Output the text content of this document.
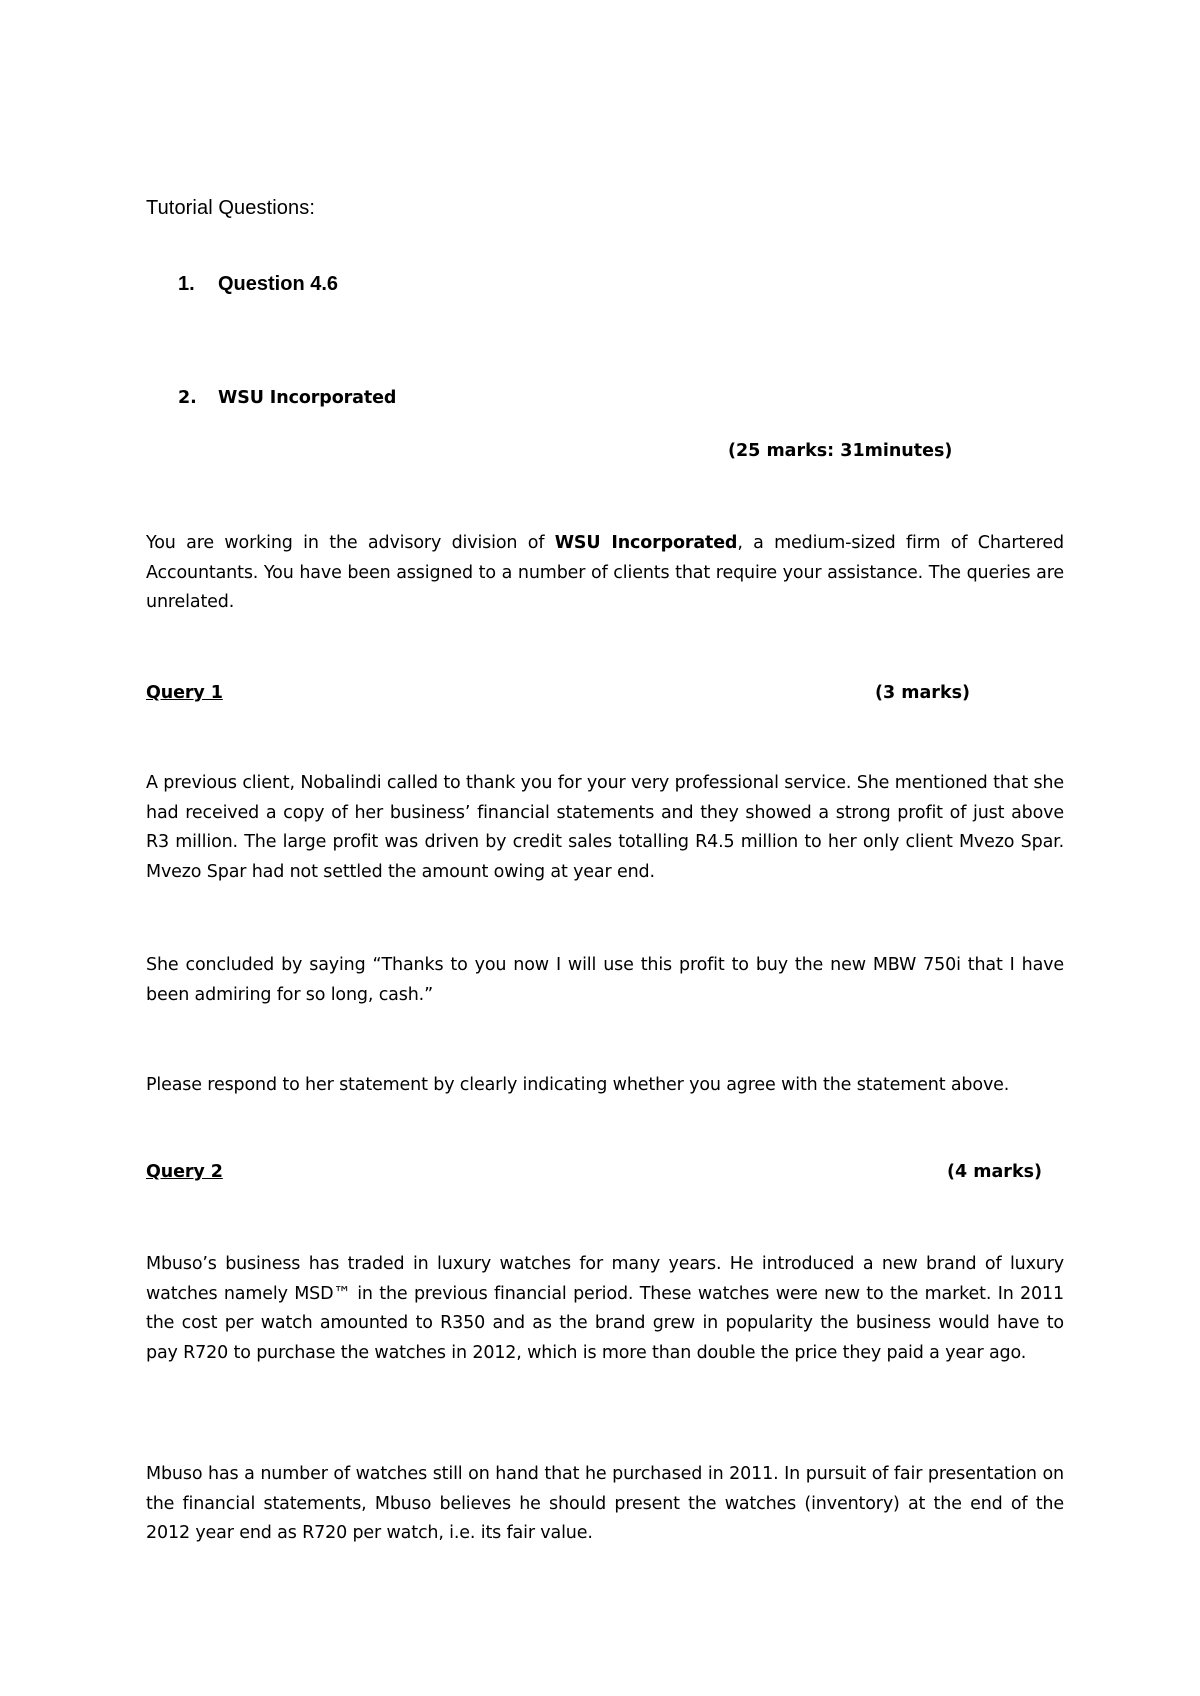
Tutorial Questions:
1. Question 4.6
2. WSU Incorporated
(25 marks: 31minutes)
You are working in the advisory division of WSU Incorporated, a medium-sized firm of Chartered Accountants. You have been assigned to a number of clients that require your assistance. The queries are unrelated.
Query 1	(3 marks)
A previous client, Nobalindi called to thank you for your very professional service. She mentioned that she had received a copy of her business’ financial statements and they showed a strong profit of just above R3 million. The large profit was driven by credit sales totalling R4.5 million to her only client Mvezo Spar. Mvezo Spar had not settled the amount owing at year end.
She concluded by saying “Thanks to you now I will use this profit to buy the new MBW 750i that I have been admiring for so long, cash.”
Please respond to her statement by clearly indicating whether you agree with the statement above.
Query 2	(4 marks)
Mbuso’s business has traded in luxury watches for many years. He introduced a new brand of luxury watches namely MSD™ in the previous financial period. These watches were new to the market. In 2011 the cost per watch amounted to R350 and as the brand grew in popularity the business would have to pay R720 to purchase the watches in 2012, which is more than double the price they paid a year ago.
Mbuso has a number of watches still on hand that he purchased in 2011. In pursuit of fair presentation on the financial statements, Mbuso believes he should present the watches (inventory) at the end of the 2012 year end as R720 per watch, i.e. its fair value.
